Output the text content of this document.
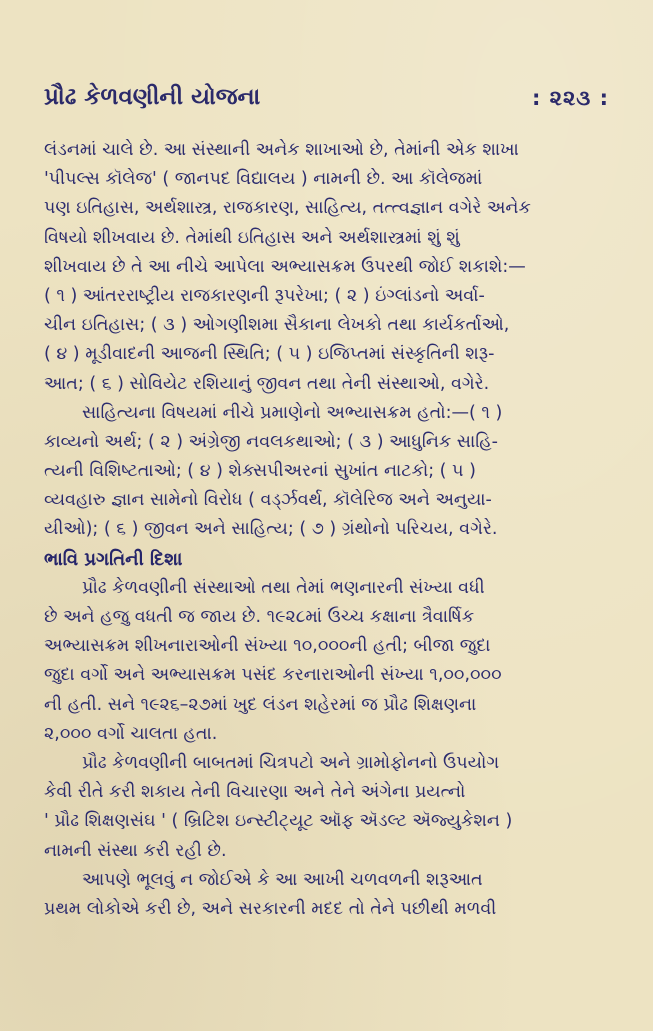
પ્રૌઢ કેળવણીની યોજના	: ૨૨૩ :
લંડનમાં ચાલે છે. આ સંસ્થાની અનેક શાખાઓ છે, તેમાંની એક શાખા
'પીપલ્સ કૉલેજ' ( જાનપદ વિદ્યાલય ) નામની છે. આ કૉલેજમાં
પણ ઇતિહાસ, અર્થશાસ્ત્ર, રાજકારણ, સાહિત્ય, તત્ત્વજ્ઞાન વગેરે અનેક
વિષયો શીખવાય છે. તેમાંથી ઇતિહાસ અને અર્થશાસ્ત્રમાં શું શું
શીખવાય છે તે આ નીચે આપેલા અભ્યાસક્રમ ઉપરથી જોઈ શકાશે:—
( ૧ ) આંતરરાષ્ટ્રીય રાજકારણની રૂપરેખા; ( ૨ ) ઇંગ્લાંડનો અર્વા-
ચીન ઇતિહાસ; ( ૩ ) ઓગણીશમા સૈકાના લેખકો તથા કાર્યકર્તાઓ,
( ૪ ) મૂડીવાદની આજની સ્થિતિ; ( ૫ ) ઇજિપ્તમાં સંસ્કૃતિની શરૂ-
આત; ( ૬ ) સોવિયેટ રશિયાનું જીવન તથા તેની સંસ્થાઓ, વગેરે.
સાહિત્યના વિષયમાં નીચે પ્રમાણેનો અભ્યાસક્રમ હતો:—( ૧ )
કાવ્યનો અર્થ; ( ૨ ) અંગ્રેજી નવલકથાઓ; ( ૩ ) આધુનિક સાહિ-
ત્યની વિશિષ્ટતાઓ; ( ૪ ) શેક્સપીઅરનાં સુખાંત નાટકો; ( ૫ )
વ્યવહારુ જ્ઞાન સામેનો વિરોધ ( વર્ડ્ઝવર્થ, કૉલેરિજ અને અનુયા-
યીઓ); ( ૬ ) જીવન અને સાહિત્ય; ( ૭ ) ગ્રંથોનો પરિચય, વગેરે.
ભાવિ પ્રગતિની દિશા
પ્રૌઢ કેળવણીની સંસ્થાઓ તથા તેમાં ભણનારની સંખ્યા વધી
છે અને હજુ વધતી જ જાય છે. ૧૯૨૮માં ઉચ્ચ કક્ષાના ત્રૈવાર્ષિક
અભ્યાસક્રમ શીખનારાઓની સંખ્યા ૧૦,૦૦૦ની હતી; બીજા જુદા
જુદા વર્ગો અને અભ્યાસક્રમ પસંદ કરનારાઓની સંખ્યા ૧,૦૦,૦૦૦
ની હતી. સને ૧૯૨૬–૨૭માં ખુદ લંડન શહેરમાં જ પ્રૌઢ શિક્ષણના
૨,૦૦૦ વર્ગો ચાલતા હતા.
પ્રૌઢ કેળવણીની બાબતમાં ચિત્રપટો અને ગ્રામોફોનનો ઉપયોગ
કેવી રીતે કરી શકાય તેની વિચારણા અને તેને અંગેના પ્રયત્નો
' પ્રૌઢ શિક્ષણસંઘ ' ( બ્રિટિશ ઇન્સ્ટીટ્યૂટ ઑફ ઍડલ્ટ ઍજ્યુકેશન )
નામની સંસ્થા કરી રહી છે.
આપણે ભૂલવું ન જોઈએ કે આ આખી ચળવળની શરૂઆત
પ્રથમ લોકોએ કરી છે, અને સરકારની મદદ તો તેને પછીથી મળવી
